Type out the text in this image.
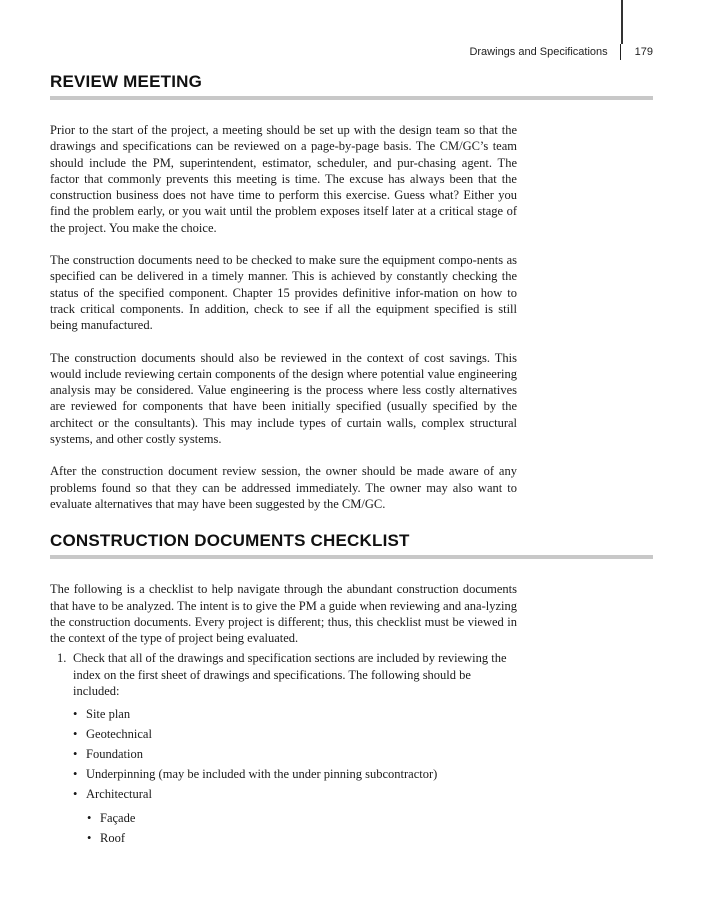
Drawings and Specifications 179
REVIEW MEETING

Prior to the start of the project, a meeting should be set up with the design team so that the drawings and specifications can be reviewed on a page-by-page basis. The CM/GC’s team should include the PM, superintendent, estimator, scheduler, and pur-chasing agent. The factor that commonly prevents this meeting is time. The excuse has always been that the construction business does not have time to perform this exercise. Guess what? Either you find the problem early, or you wait until the problem exposes itself later at a critical stage of the project. You make the choice.

The construction documents need to be checked to make sure the equipment compo-nents as specified can be delivered in a timely manner. This is achieved by constantly checking the status of the specified component. Chapter 15 provides definitive infor-mation on how to track critical components. In addition, check to see if all the equipment specified is still being manufactured.

The construction documents should also be reviewed in the context of cost savings. This would include reviewing certain components of the design where potential value engineering analysis may be considered. Value engineering is the process where less costly alternatives are reviewed for components that have been initially specified (usually specified by the architect or the consultants). This may include types of curtain walls, complex structural systems, and other costly systems.

After the construction document review session, the owner should be made aware of any problems found so that they can be addressed immediately. The owner may also want to evaluate alternatives that may have been suggested by the CM/GC.

CONSTRUCTION DOCUMENTS CHECKLIST

The following is a checklist to help navigate through the abundant construction documents that have to be analyzed. The intent is to give the PM a guide when reviewing and ana-lyzing the construction documents. Every project is different; thus, this checklist must be viewed in the context of the type of project being evaluated.

1. Check that all of the drawings and specification sections are included by reviewing the index on the first sheet of drawings and specifications. The following should be included:
• Site plan
• Geotechnical
• Foundation
• Underpinning (may be included with the under pinning subcontractor)
• Architectural
• Façade
• Roof
